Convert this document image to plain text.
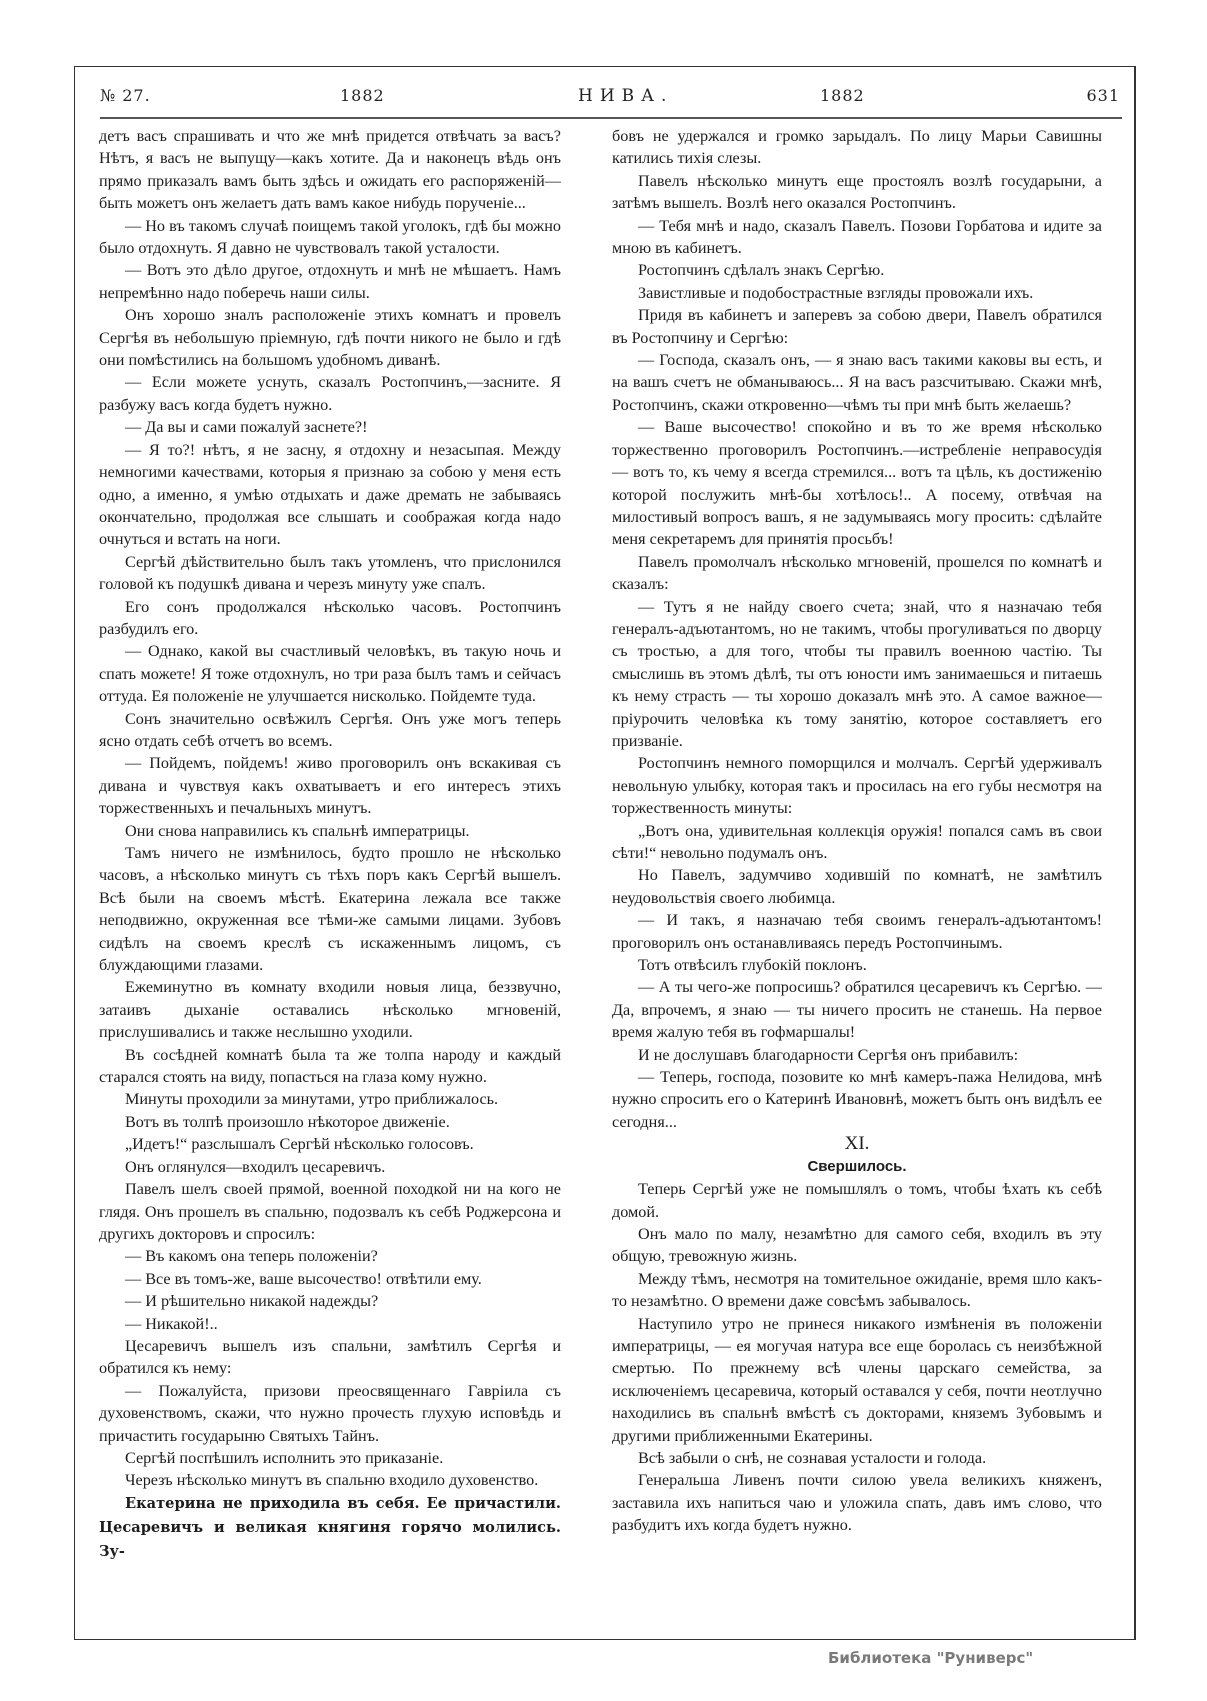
№ 27.	1882	НИВА.	1882	631

детъ васъ спрашивать и что же мнѣ придется отвѣчать за васъ? Нѣтъ, я васъ не выпущу—какъ хотите. Да и наконецъ вѣдь онъ прямо приказалъ вамъ быть здѣсь и ожидать его распоряженій—быть можетъ онъ желаетъ дать вамъ какое нибудь порученіе...

— Но въ такомъ случаѣ поищемъ такой уголокъ, гдѣ бы можно было отдохнуть. Я давно не чувствовалъ такой усталости.

— Вотъ это дѣло другое, отдохнуть и мнѣ не мѣшаетъ. Намъ непремѣнно надо поберечь наши силы.

Онъ хорошо зналъ расположеніе этихъ комнатъ и провелъ Сергѣя въ небольшую пріемную, гдѣ почти никого не было и гдѣ они помѣстились на большомъ удобномъ диванѣ.

— Если можете уснуть, сказалъ Ростопчинъ,—засните. Я разбужу васъ когда будетъ нужно.

— Да вы и сами пожалуй заснете?!

— Я то?! нѣтъ, я не засну, я отдохну и незасыпая. Между немногими качествами, которыя я признаю за собою у меня есть одно, а именно, я умѣю отдыхать и даже дремать не забываясь окончательно, продолжая все слышать и соображая когда надо очнуться и встать на ноги.

Сергѣй дѣйствительно былъ такъ утомленъ, что прислонился головой къ подушкѣ дивана и черезъ минуту уже спалъ.

Его сонъ продолжался нѣсколько часовъ. Ростопчинъ разбудилъ его.

— Однако, какой вы счастливый человѣкъ, въ такую ночь и спать можете! Я тоже отдохнулъ, но три раза былъ тамъ и сейчасъ оттуда. Ея положеніе не улучшается нисколько. Пойдемте туда.

Сонъ значительно освѣжилъ Сергѣя. Онъ уже могъ теперь ясно отдать себѣ отчетъ во всемъ.

— Пойдемъ, пойдемъ! живо проговорилъ онъ вскакивая съ дивана и чувствуя какъ охватываетъ и его интересъ этихъ торжественныхъ и печальныхъ минутъ.

Они снова направились къ спальнѣ императрицы.

Тамъ ничего не измѣнилось, будто прошло не нѣсколько часовъ, а нѣсколько минутъ съ тѣхъ поръ какъ Сергѣй вышелъ. Всѣ были на своемъ мѣстѣ. Екатерина лежала все также неподвижно, окруженная все тѣми-же самыми лицами. Зубовъ сидѣлъ на своемъ креслѣ съ искаженнымъ лицомъ, съ блуждающими глазами.

Ежеминутно въ комнату входили новыя лица, беззвучно, затаивъ дыханіе оставались нѣсколько мгновеній, прислушивались и также неслышно уходили.

Въ сосѣдней комнатѣ была та же толпа народу и каждый старался стоять на виду, попасться на глаза кому нужно.

Минуты проходили за минутами, утро приближалось.

Вотъ въ толпѣ произошло нѣкоторое движеніе.

„Идетъ!“ разслышалъ Сергѣй нѣсколько голосовъ.

Онъ оглянулся—входилъ цесаревичъ.

Павелъ шелъ своей прямой, военной походкой ни на кого не глядя. Онъ прошелъ въ спальню, подозвалъ къ себѣ Роджерсона и другихъ докторовъ и спросилъ:

— Въ какомъ она теперь положеніи?

— Все въ томъ-же, ваше высочество! отвѣтили ему.

— И рѣшительно никакой надежды?

— Никакой!..

Цесаревичъ вышелъ изъ спальни, замѣтилъ Сергѣя и обратился къ нему:

— Пожалуйста, призови преосвященнаго Гавріила съ духовенствомъ, скажи, что нужно прочесть глухую исповѣдь и причастить государыню Святыхъ Тайнъ.

Сергѣй поспѣшилъ исполнить это приказаніе.

Черезъ нѣсколько минутъ въ спальню входило духовенство.

Екатерина не приходила въ себя. Ее причастили. Цесаревичъ и великая княгиня горячо молились. Зу-

бовъ не удержался и громко зарыдалъ. По лицу Марьи Савишны катились тихія слезы.

Павелъ нѣсколько минутъ еще простоялъ возлѣ государыни, а затѣмъ вышелъ. Возлѣ него оказался Ростопчинъ.

— Тебя мнѣ и надо, сказалъ Павелъ. Позови Горбатова и идите за мною въ кабинетъ.

Ростопчинъ сдѣлалъ знакъ Сергѣю.

Завистливые и подобострастные взгляды провожали ихъ.

Придя въ кабинетъ и заперевъ за собою двери, Павелъ обратился въ Ростопчину и Сергѣю:

— Господа, сказалъ онъ, — я знаю васъ такими каковы вы есть, и на вашъ счетъ не обманываюсь... Я на васъ разсчитываю. Скажи мнѣ, Ростопчинъ, скажи откровенно—чѣмъ ты при мнѣ быть желаешь?

— Ваше высочество! спокойно и въ то же время нѣсколько торжественно проговорилъ Ростопчинъ.—истребленіе неправосудія — вотъ то, къ чему я всегда стремился... вотъ та цѣль, къ достиженію которой послужить мнѣ-бы хотѣлось!.. А посему, отвѣчая на милостивый вопросъ вашъ, я не задумываясь могу просить: сдѣлайте меня секретаремъ для принятія просьбъ!

Павелъ промолчалъ нѣсколько мгновеній, прошелся по комнатѣ и сказалъ:

— Тутъ я не найду своего счета; знай, что я назначаю тебя генералъ-адъютантомъ, но не такимъ, чтобы прогуливаться по дворцу съ тростью, а для того, чтобы ты правилъ военною частію. Ты смыслишь въ этомъ дѣлѣ, ты отъ юности имъ занимаешься и питаешь къ нему страсть — ты хорошо доказалъ мнѣ это. А самое важное—пріурочить человѣка къ тому занятію, которое составляетъ его призваніе.

Ростопчинъ немного поморщился и молчалъ. Сергѣй удерживалъ невольную улыбку, которая такъ и просилась на его губы несмотря на торжественность минуты:

„Вотъ она, удивительная коллекція оружія! попался самъ въ свои сѣти!“ невольно подумалъ онъ.

Но Павелъ, задумчиво ходившій по комнатѣ, не замѣтилъ неудовольствія своего любимца.

— И такъ, я назначаю тебя своимъ генералъ-адъютантомъ! проговорилъ онъ останавливаясь передъ Ростопчинымъ.

Тотъ отвѣсилъ глубокій поклонъ.

— А ты чего-же попросишь? обратился цесаревичъ къ Сергѣю. — Да, впрочемъ, я знаю — ты ничего просить не станешь. На первое время жалую тебя въ гофмаршалы!

И не дослушавъ благодарности Сергѣя онъ прибавилъ:

— Теперь, господа, позовите ко мнѣ камеръ-пажа Нелидова, мнѣ нужно спросить его о Катеринѣ Ивановнѣ, можетъ быть онъ видѣлъ ее сегодня...

XI.

Свершилось.

Теперь Сергѣй уже не помышлялъ о томъ, чтобы ѣхать къ себѣ домой.

Онъ мало по малу, незамѣтно для самого себя, входилъ въ эту общую, тревожную жизнь.

Между тѣмъ, несмотря на томительное ожиданіе, время шло какъ-то незамѣтно. О времени даже совсѣмъ забывалось.

Наступило утро не принеся никакого измѣненія въ положеніи императрицы, — ея могучая натура все еще боролась съ неизбѣжной смертью. По прежнему всѣ члены царскаго семейства, за исключеніемъ цесаревича, который оставался у себя, почти неотлучно находились въ спальнѣ вмѣстѣ съ докторами, княземъ Зубовымъ и другими приближенными Екатерины.

Всѣ забыли о снѣ, не сознавая усталости и голода.

Генеральша Ливенъ почти силою увела великихъ княженъ, заставила ихъ напиться чаю и уложила спать, давъ имъ слово, что разбудитъ ихъ когда будетъ нужно.

Библиотека "Руниверс"
